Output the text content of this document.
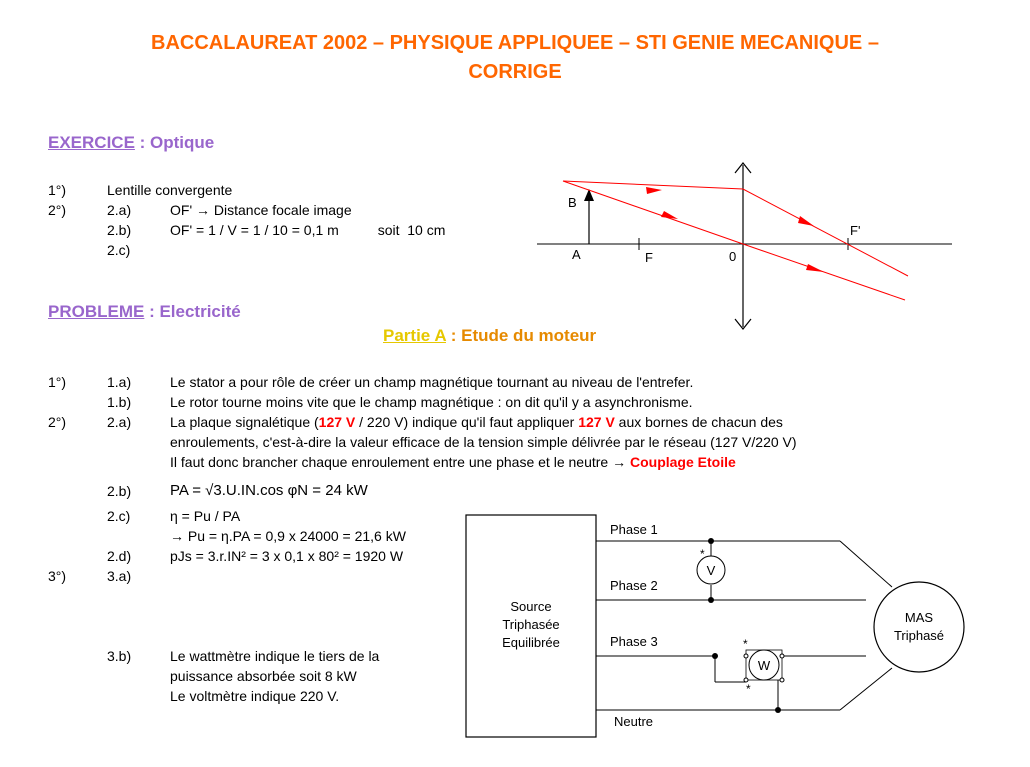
BACCALAUREAT 2002 – PHYSIQUE APPLIQUEE – STI GENIE MECANIQUE –
CORRIGE
EXERCICE : Optique
1°)	Lentille convergente
2°)	2.a)	OF' → Distance focale image
2.b)	OF' = 1 / V = 1 / 10 = 0,1 m          soit  10 cm
2.c)
B
A	F	0
F'
PROBLEME : Electricité
Partie A : Etude du moteur
1°)	1.a)	Le stator a pour rôle de créer un champ magnétique tournant au niveau de l'entrefer.
1.b)	Le rotor tourne moins vite que le champ magnétique : on dit qu'il y a asynchronisme.
2°)	2.a)	La plaque signalétique (127 V / 220 V) indique qu'il faut appliquer 127 V aux bornes de chacun des
enroulements, c'est-à-dire la valeur efficace de la tension simple délivrée par le réseau (127 V/220 V)
Il faut donc brancher chaque enroulement entre une phase et le neutre → Couplage Etoile
2.b)	PA = √3.U.IN.cos φN = 24 kW
2.c)	η = Pu / PA
→ Pu = η.PA = 0,9 x 24000 = 21,6 kW
2.d)	pJs = 3.r.IN² = 3 x 0,1 x 80² = 1920 W
3°)	3.a)
3.b)	Le wattmètre indique le tiers de la
puissance absorbée soit 8 kW
Le voltmètre indique 220 V.
Source
Triphasée
Equilibrée
Phase 1
Phase 2
Phase 3
Neutre
MAS
Triphasé
V
*
W
*
*
